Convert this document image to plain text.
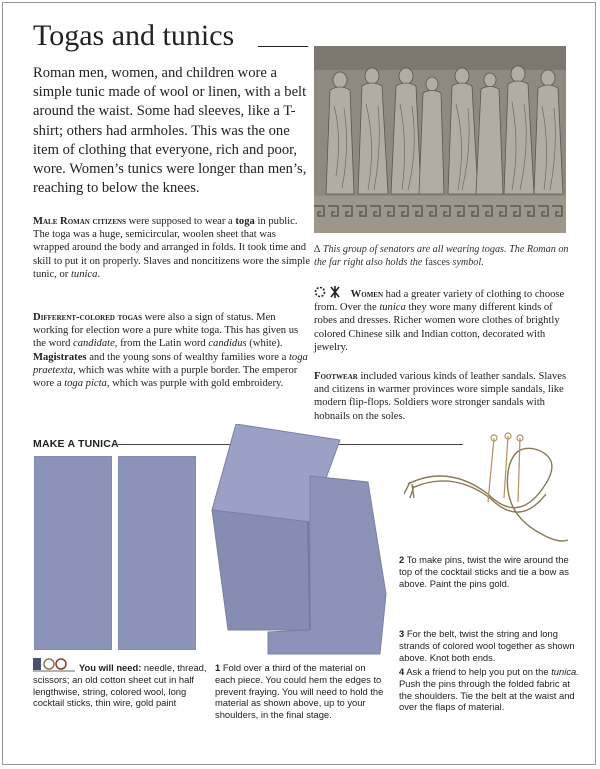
Togas and tunics

Roman men, women, and children wore a simple tunic made of wool or linen, with a belt around the waist. Some had sleeves, like a T-shirt; others had armholes. This was the one item of clothing that everyone, rich and poor, wore. Women’s tunics were longer than men’s, reaching to below the knees.

Male Roman citizens were supposed to wear a toga in public. The toga was a huge, semicircular, woolen sheet that was wrapped around the body and arranged in folds. It took time and skill to put it on properly. Slaves and noncitizens wore the simple tunic, or tunica.

Different-colored togas were also a sign of status. Men working for election wore a pure white toga. This has given us the word candidate, from the Latin word candidus (white). Magistrates and the young sons of wealthy families wore a toga praetexta, which was white with a purple border. The emperor wore a toga picta, which was purple with gold embroidery.

∆ This group of senators are all wearing togas. The Roman on the far right also holds the fasces symbol.

Women had a greater variety of clothing to choose from. Over the tunica they wore many different kinds of robes and dresses. Richer women wore clothes of brightly colored Chinese silk and Indian cotton, decorated with jewelry.

Footwear included various kinds of leather sandals. Slaves and citizens in warmer provinces wore simple sandals, like modern flip-flops. Soldiers wore stronger sandals with hobnails on the soles.

MAKE A TUNICA

You will need: needle, thread, scissors; an old cotton sheet cut in half lengthwise, string, colored wool, long cocktail sticks, thin wire, gold paint

1 Fold over a third of the material on each piece. You could hem the edges to prevent fraying. You will need to hold the material as shown above, up to your shoulders, in the final stage.

2 To make pins, twist the wire around the top of the cocktail sticks and tie a bow as above. Paint the pins gold.

3 For the belt, twist the string and long strands of colored wool together as shown above. Knot both ends.

4 Ask a friend to help you put on the tunica. Push the pins through the folded fabric at the shoulders. Tie the belt at the waist and over the flaps of material.
